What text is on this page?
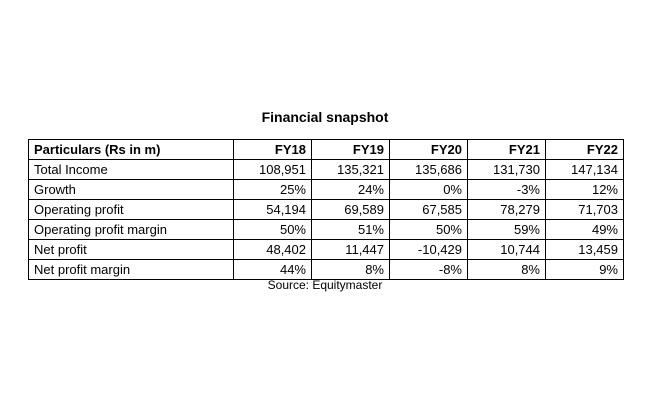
Financial snapshot
Particulars (Rs in m)	FY18	FY19	FY20	FY21	FY22
Total Income	108,951	135,321	135,686	131,730	147,134
Growth	25%	24%	0%	-3%	12%
Operating profit	54,194	69,589	67,585	78,279	71,703
Operating profit margin	50%	51%	50%	59%	49%
Net profit	48,402	11,447	-10,429	10,744	13,459
Net profit margin	44%	8%	-8%	8%	9%
Source: Equitymaster
